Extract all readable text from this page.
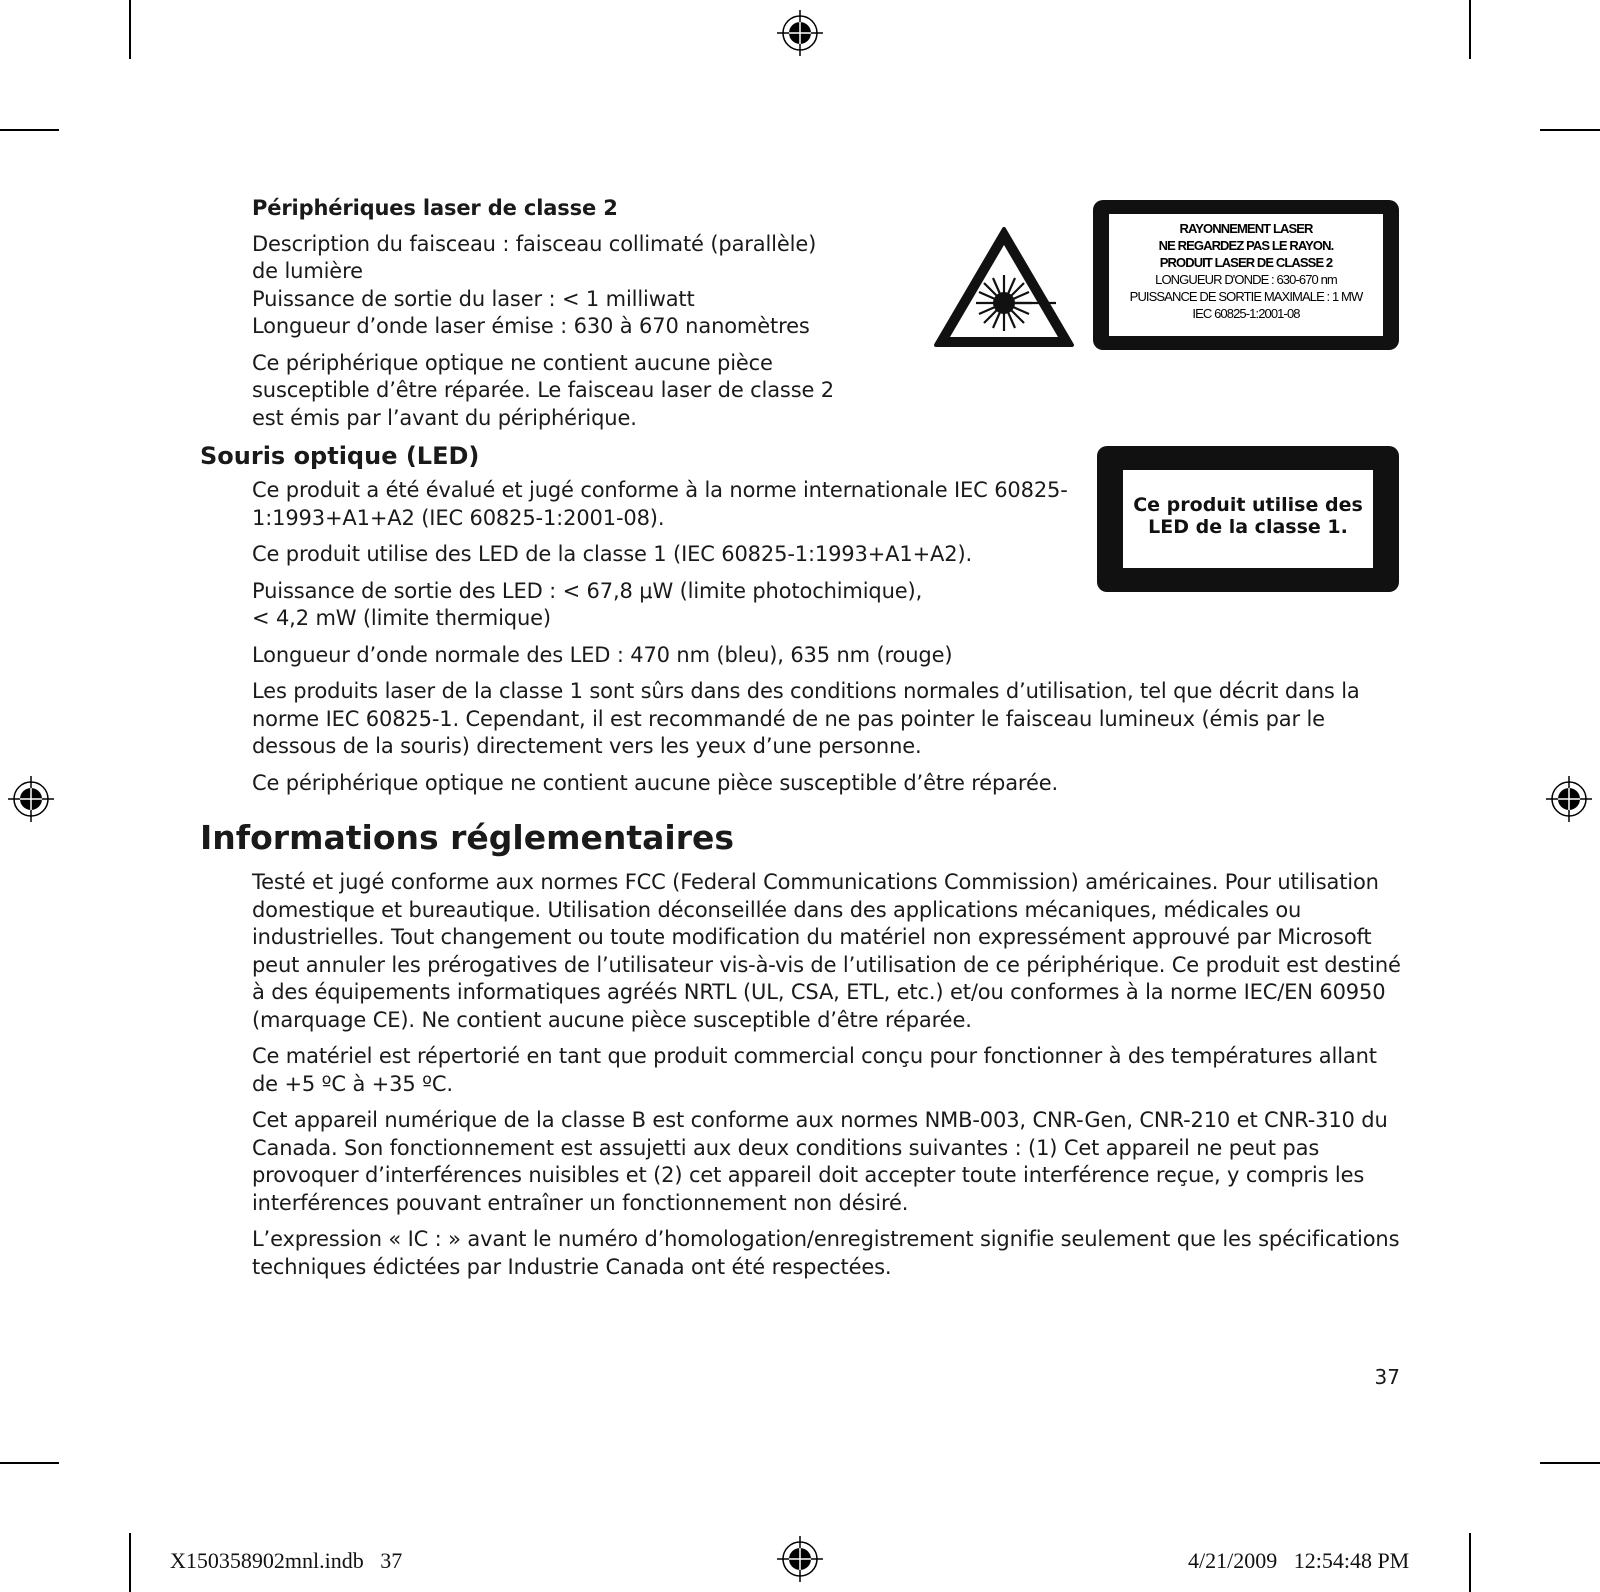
Périphériques laser de classe 2
Description du faisceau : faisceau collimaté (parallèle)
de lumière
Puissance de sortie du laser : < 1 milliwatt
Longueur d’onde laser émise : 630 à 670 nanomètres
Ce périphérique optique ne contient aucune pièce
susceptible d’être réparée. Le faisceau laser de classe 2
est émis par l’avant du périphérique.
RAYONNEMENT LASER
NE REGARDEZ PAS LE RAYON.
PRODUIT LASER DE CLASSE 2
LONGUEUR D'ONDE : 630-670 nm
PUISSANCE DE SORTIE MAXIMALE : 1 MW
IEC 60825-1:2001-08
Souris optique (LED)
Ce produit a été évalué et jugé conforme à la norme internationale IEC 60825-1:1993+A1+A2 (IEC 60825-1:2001-08).
Ce produit utilise des LED de la classe 1 (IEC 60825-1:1993+A1+A2).
Puissance de sortie des LED : < 67,8 μW (limite photochimique),
< 4,2 mW (limite thermique)
Longueur d’onde normale des LED : 470 nm (bleu), 635 nm (rouge)
Les produits laser de la classe 1 sont sûrs dans des conditions normales d’utilisation, tel que décrit dans la norme IEC 60825-1. Cependant, il est recommandé de ne pas pointer le faisceau lumineux (émis par le dessous de la souris) directement vers les yeux d’une personne.
Ce périphérique optique ne contient aucune pièce susceptible d’être réparée.
Ce produit utilise des
LED de la classe 1.
Informations réglementaires
Testé et jugé conforme aux normes FCC (Federal Communications Commission) américaines. Pour utilisation domestique et bureautique. Utilisation déconseillée dans des applications mécaniques, médicales ou industrielles. Tout changement ou toute modification du matériel non expressément approuvé par Microsoft peut annuler les prérogatives de l’utilisateur vis-à-vis de l’utilisation de ce périphérique. Ce produit est destiné à des équipements informatiques agréés NRTL (UL, CSA, ETL, etc.) et/ou conformes à la norme IEC/EN 60950 (marquage CE). Ne contient aucune pièce susceptible d’être réparée.
Ce matériel est répertorié en tant que produit commercial conçu pour fonctionner à des températures allant de +5 ºC à +35 ºC.
Cet appareil numérique de la classe B est conforme aux normes NMB-003, CNR-Gen, CNR-210 et CNR-310 du Canada. Son fonctionnement est assujetti aux deux conditions suivantes : (1) Cet appareil ne peut pas provoquer d’interférences nuisibles et (2) cet appareil doit accepter toute interférence reçue, y compris les interférences pouvant entraîner un fonctionnement non désiré.
L’expression « IC : » avant le numéro d’homologation/enregistrement signifie seulement que les spécifications techniques édictées par Industrie Canada ont été respectées.
37
X150358902mnl.indb   37	4/21/2009   12:54:48 PM
